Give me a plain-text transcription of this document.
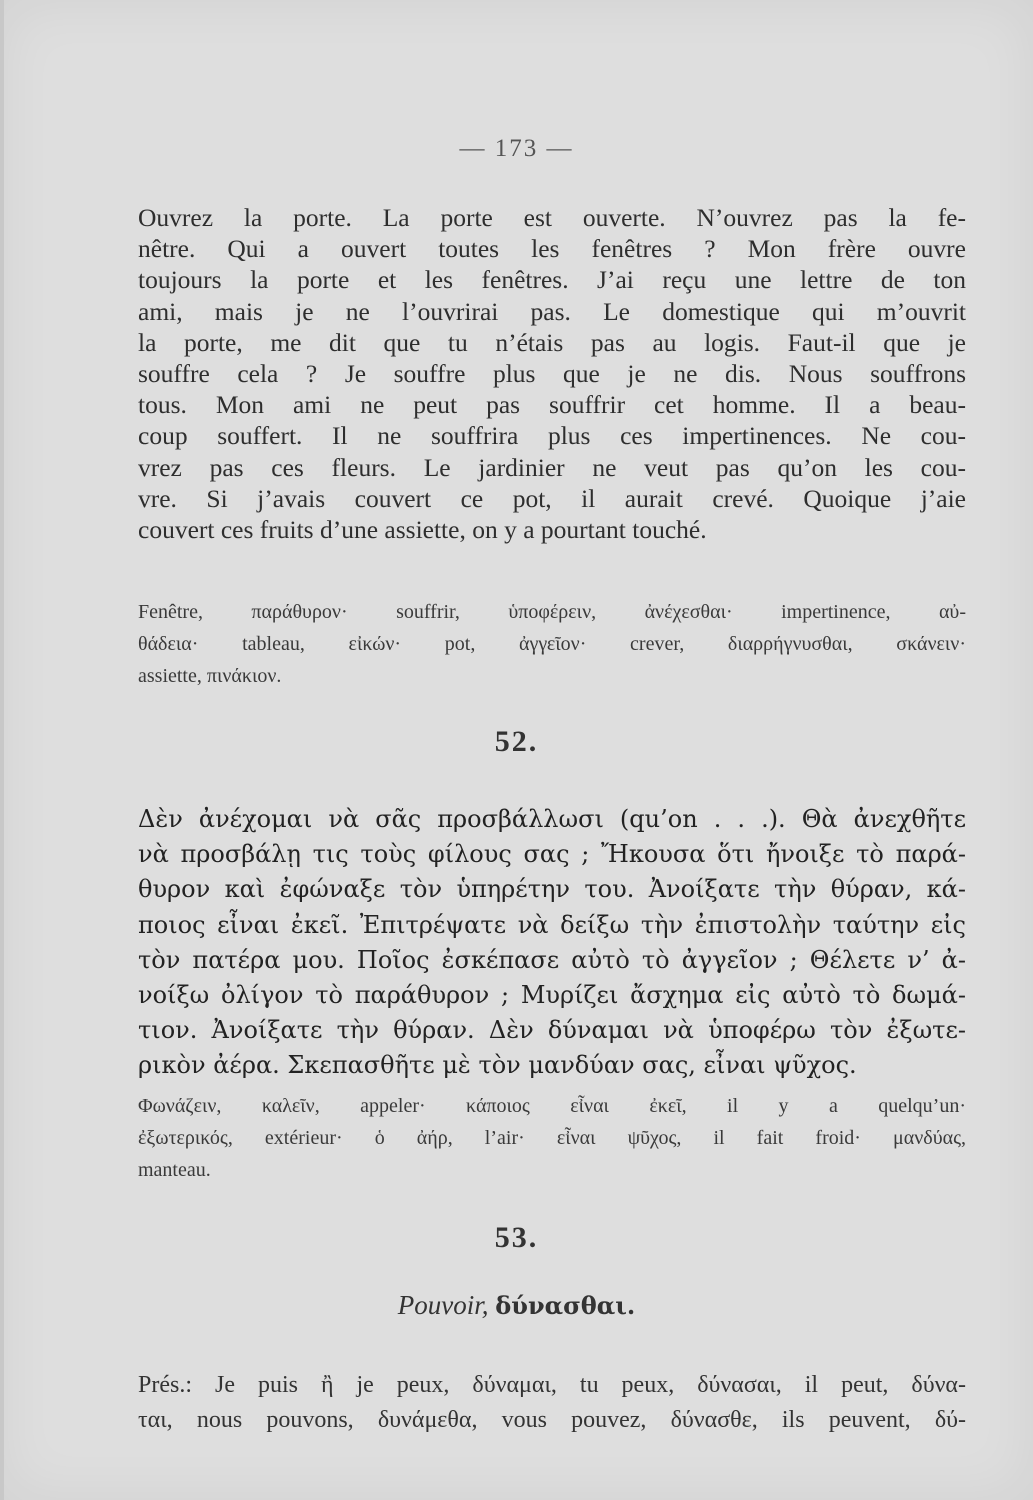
— 173 —
Ouvrez la porte. La porte est ouverte. N’ouvrez pas la fe-
nêtre. Qui a ouvert toutes les fenêtres ? Mon frère ouvre
toujours la porte et les fenêtres. J’ai reçu une lettre de ton
ami, mais je ne l’ouvrirai pas. Le domestique qui m’ouvrit
la porte, me dit que tu n’étais pas au logis. Faut-il que je
souffre cela ? Je souffre plus que je ne dis. Nous souffrons
tous. Mon ami ne peut pas souffrir cet homme. Il a beau-
coup souffert. Il ne souffrira plus ces impertinences. Ne cou-
vrez pas ces fleurs. Le jardinier ne veut pas qu’on les cou-
vre. Si j’avais couvert ce pot, il aurait crevé. Quoique j’aie
couvert ces fruits d’une assiette, on y a pourtant touché.
Fenêtre, παράθυρον· souffrir, ὑποφέρειν, ἀνέχεσθαι· impertinence, αὐ-
θάδεια· tableau, εἰκών· pot, ἀγγεῖον· crever, διαρρήγνυσθαι, σκάνειν·
assiette, πινάκιον.
52.
Δὲν ἀνέχομαι νὰ σᾶς προσβάλλωσι (qu’on . . .). Θὰ ἀνεχθῆτε
νὰ προσβάλῃ τις τοὺς φίλους σας ; Ἤκουσα ὅτι ἤνοιξε τὸ παρά-
θυρον καὶ ἐφώναξε τὸν ὑπηρέτην του. Ἀνοίξατε τὴν θύραν, κά-
ποιος εἶναι ἐκεῖ. Ἐπιτρέψατε νὰ δείξω τὴν ἐπιστολὴν ταύτην εἰς
τὸν πατέρα μου. Ποῖος ἐσκέπασε αὐτὸ τὸ ἀγγεῖον ; Θέλετε ν’ ἀ-
νοίξω ὀλίγον τὸ παράθυρον ; Μυρίζει ἄσχημα εἰς αὐτὸ τὸ δωμά-
τιον. Ἀνοίξατε τὴν θύραν. Δὲν δύναμαι νὰ ὑποφέρω τὸν ἐξωτε-
ρικὸν ἀέρα. Σκεπασθῆτε μὲ τὸν μανδύαν σας, εἶναι ψῦχος.
Φωνάζειν, καλεῖν, appeler· κάποιος εἶναι ἐκεῖ, il y a quelqu’un·
ἐξωτερικός, extérieur· ὁ ἀήρ, l’air· εἶναι ψῦχος, il fait froid· μανδύας,
manteau.
53.
Pouvoir, δύνασθαι.
Prés.: Je puis ἢ je peux, δύναμαι, tu peux, δύνασαι, il peut, δύνα-
ται, nous pouvons, δυνάμεθα, vous pouvez, δύνασθε, ils peuvent, δύ-
